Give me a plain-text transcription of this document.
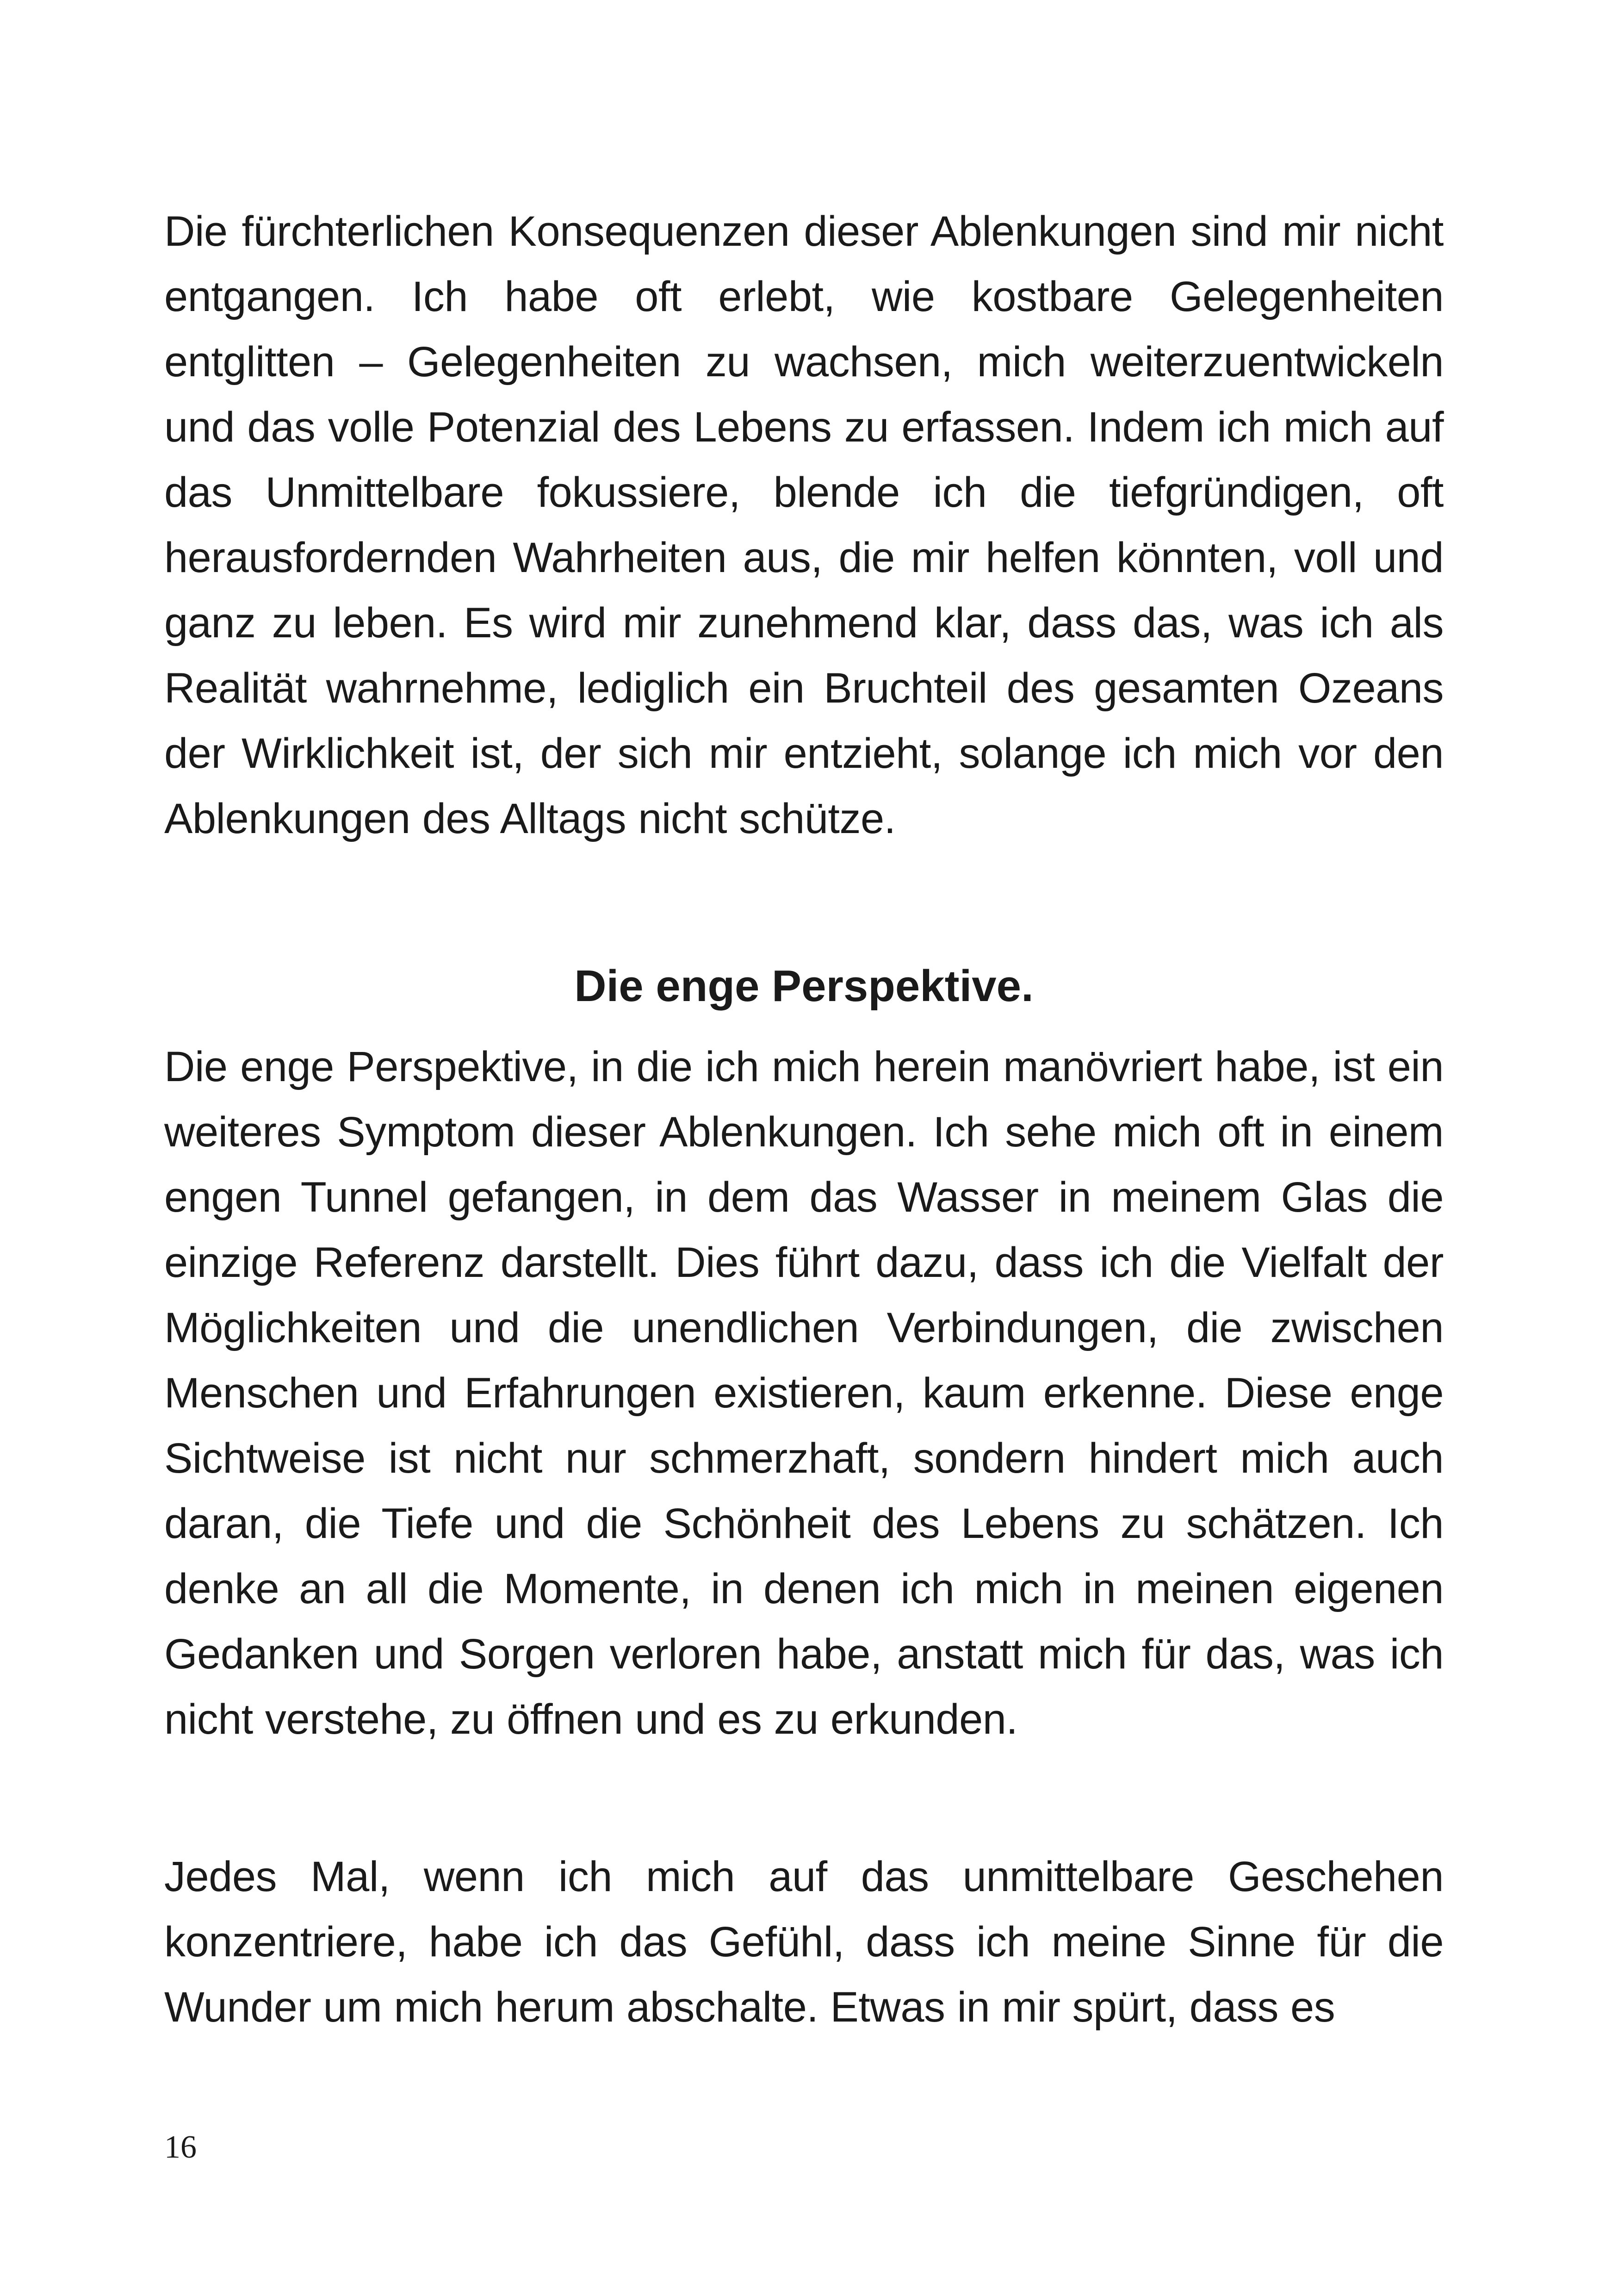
Die fürchterlichen Konsequenzen dieser Ablenkungen sind mir nicht entgangen. Ich habe oft erlebt, wie kostbare Gelegenheiten entglitten – Gelegenheiten zu wachsen, mich weiterzuentwickeln und das volle Potenzial des Lebens zu erfassen. Indem ich mich auf das Unmittelbare fokussiere, blende ich die tiefgründigen, oft herausfordernden Wahrheiten aus, die mir helfen könnten, voll und ganz zu leben. Es wird mir zunehmend klar, dass das, was ich als Realität wahrnehme, lediglich ein Bruchteil des gesamten Ozeans der Wirklichkeit ist, der sich mir entzieht, solange ich mich vor den Ablenkungen des Alltags nicht schütze.

Die enge Perspektive.

Die enge Perspektive, in die ich mich herein manövriert habe, ist ein weiteres Symptom dieser Ablenkungen. Ich sehe mich oft in einem engen Tunnel gefangen, in dem das Wasser in meinem Glas die einzige Referenz darstellt. Dies führt dazu, dass ich die Vielfalt der Möglichkeiten und die unendlichen Verbindungen, die zwischen Menschen und Erfahrungen existieren, kaum erkenne. Diese enge Sichtweise ist nicht nur schmerzhaft, sondern hindert mich auch daran, die Tiefe und die Schönheit des Lebens zu schätzen. Ich denke an all die Momente, in denen ich mich in meinen eigenen Gedanken und Sorgen verloren habe, anstatt mich für das, was ich nicht verstehe, zu öffnen und es zu erkunden.

Jedes Mal, wenn ich mich auf das unmittelbare Geschehen konzentriere, habe ich das Gefühl, dass ich meine Sinne für die Wunder um mich herum abschalte. Etwas in mir spürt, dass es

16
